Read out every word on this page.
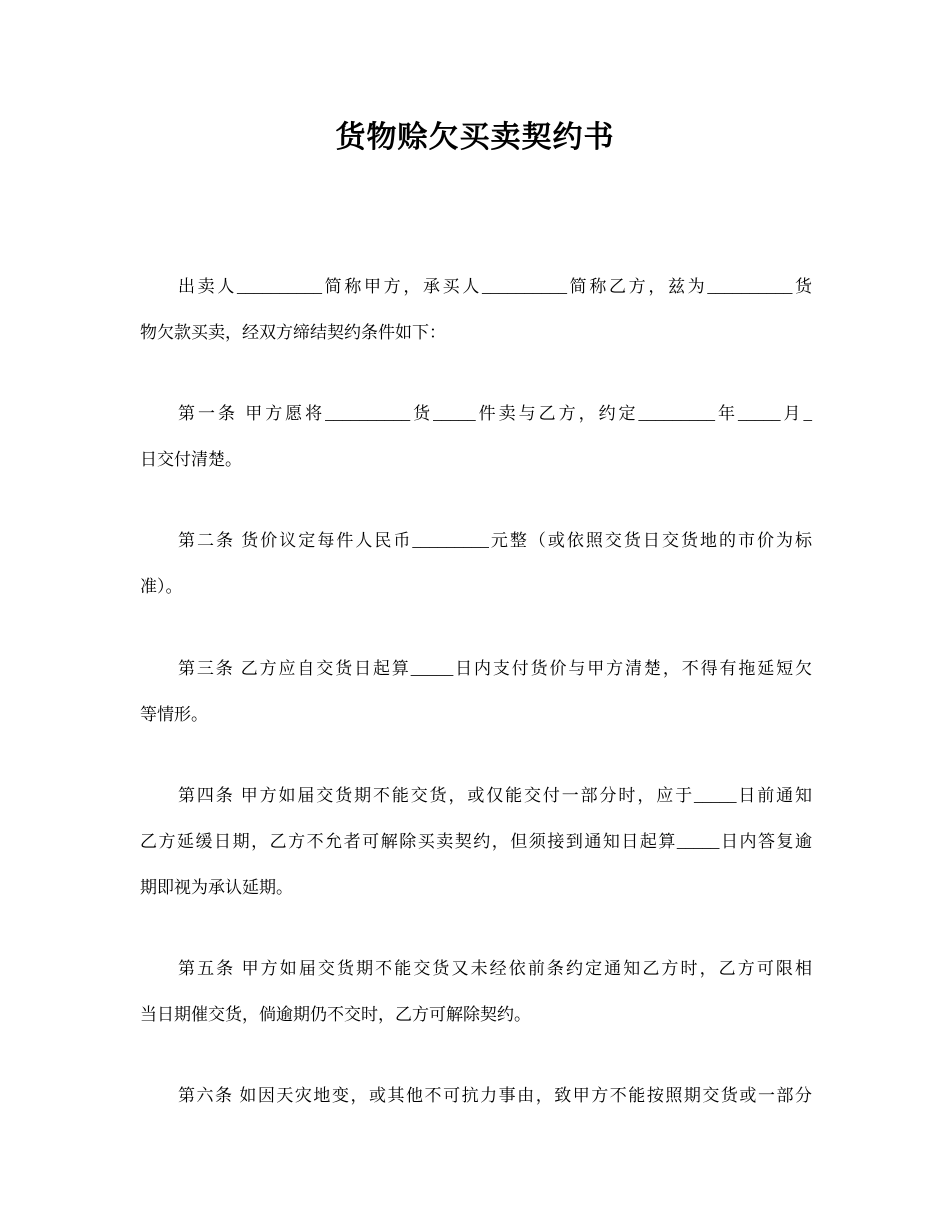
货物赊欠买卖契约书
出卖人__________简称甲方，承买人__________简称乙方，兹为__________货
物欠款买卖，经双方缔结契约条件如下：
第一条 甲方愿将__________货_____件卖与乙方，约定_________年_____月_
日交付清楚。
第二条 货价议定每件人民币_________元整（或依照交货日交货地的市价为标
准）。
第三条 乙方应自交货日起算_____日内支付货价与甲方清楚，不得有拖延短欠
等情形。
第四条 甲方如届交货期不能交货，或仅能交付一部分时，应于_____日前通知
乙方延缓日期，乙方不允者可解除买卖契约，但须接到通知日起算_____日内答复逾
期即视为承认延期。
第五条 甲方如届交货期不能交货又未经依前条约定通知乙方时，乙方可限相
当日期催交货，倘逾期仍不交时，乙方可解除契约。
第六条 如因天灾地变，或其他不可抗力事由，致甲方不能按照期交货或一部分
